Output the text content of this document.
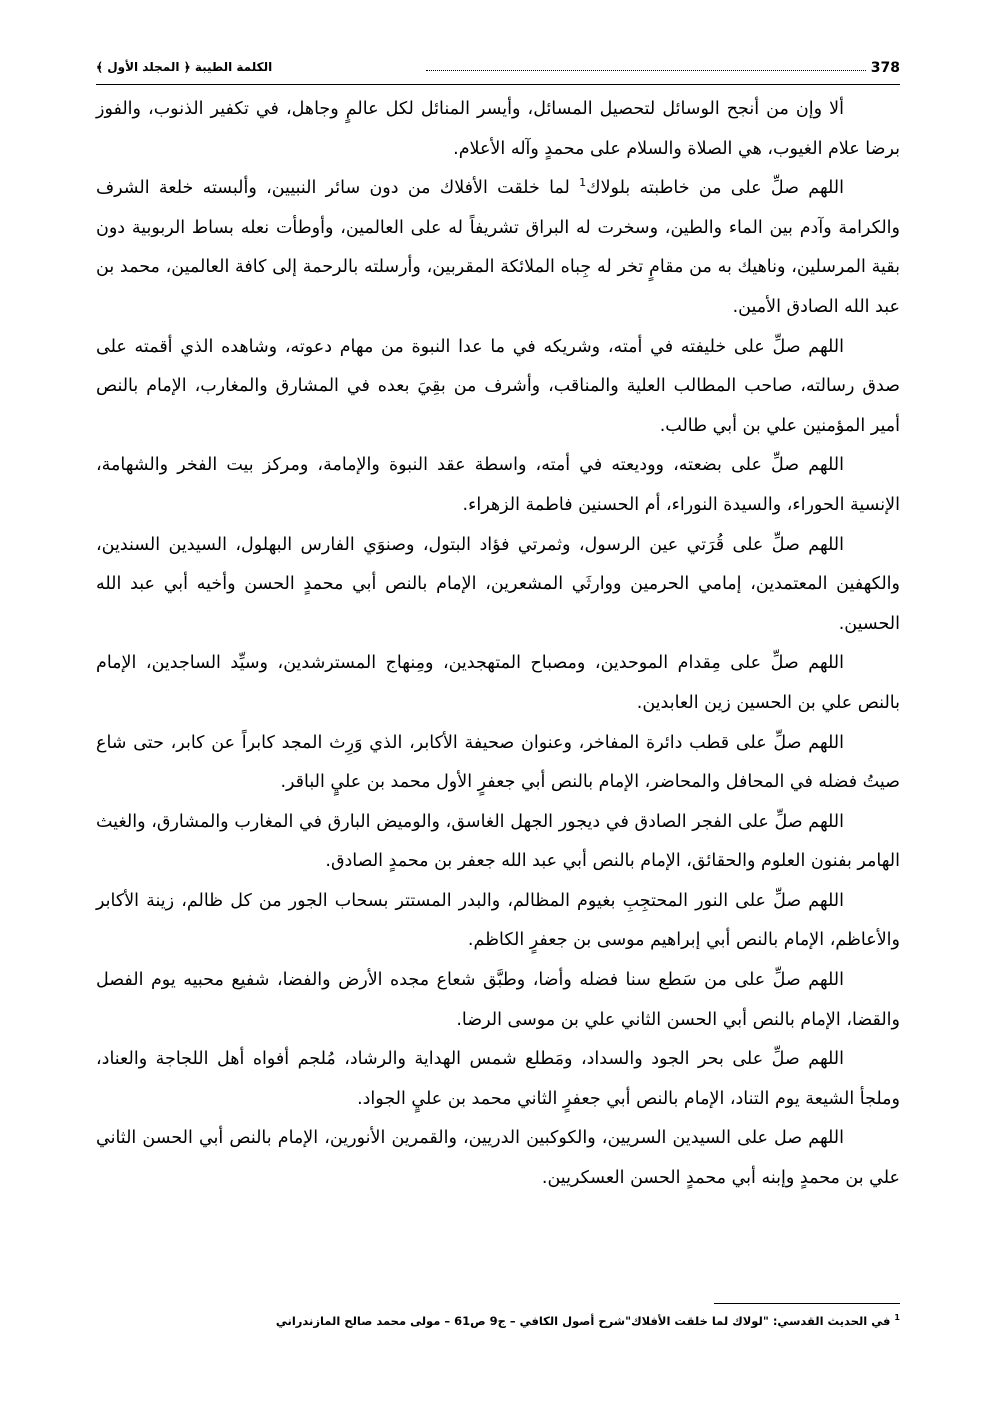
378
الكلمة الطيبة ﴿ المجلد الأول ﴾

ألا وإن من أنجح الوسائل لتحصيل المسائل، وأيسر المنائل لكل عالمٍ وجاهل، في تكفير الذنوب، والفوز برضا علام الغيوب، هي الصلاة والسلام على محمدٍ وآله الأعلام.

اللهم صلِّ على من خاطبته بلولاك$^1$ لما خلقت الأفلاك من دون سائر النبيين، وألبسته خلعة الشرف والكرامة وآدم بين الماء والطين، وسخرت له البراق تشريفاً له على العالمين، وأوطأت نعله بساط الربوبية دون بقية المرسلين، وناهيك به من مقامٍ تخر له جِباه الملائكة المقربين، وأرسلته بالرحمة إلى كافة العالمين، محمد بن عبد الله الصادق الأمين.

اللهم صلِّ على خليفته في أمته، وشريكه في ما عدا النبوة من مهام دعوته، وشاهده الذي أقمته على صدق رسالته، صاحب المطالب العلية والمناقب، وأشرف من بقِيَ بعده في المشارق والمغارب، الإمام بالنص أمير المؤمنين علي بن أبي طالب.

اللهم صلِّ على بضعته، ووديعته في أمته، واسطة عقد النبوة والإمامة، ومركز بيت الفخر والشهامة، الإنسية الحوراء، والسيدة النوراء، أم الحسنين فاطمة الزهراء.

اللهم صلِّ على قُرَتي عين الرسول، وثمرتي فؤاد البتول، وصنوَي الفارس البهلول، السيدين السندين، والكهفين المعتمدين، إمامي الحرمين ووارثَي المشعرين، الإمام بالنص أبي محمدٍ الحسن وأخيه أبي عبد الله الحسين.

اللهم صلِّ على مِقدام الموحدين، ومصباح المتهجدين، ومِنهاج المسترشدين، وسيِّد الساجدين، الإمام بالنص علي بن الحسين زين العابدين.

اللهم صلِّ على قطب دائرة المفاخر، وعنوان صحيفة الأكابر، الذي وَرِث المجد كابراً عن كابر، حتى شاع صيتُ فضله في المحافل والمحاضر، الإمام بالنص أبي جعفرٍ الأول محمد بن عليٍ الباقر.

اللهم صلِّ على الفجر الصادق في ديجور الجهل الغاسق، والوميض البارق في المغارب والمشارق، والغيث الهامر بفنون العلوم والحقائق، الإمام بالنص أبي عبد الله جعفر بن محمدٍ الصادق.

اللهم صلِّ على النور المحتجِبِ بغيوم المظالم، والبدر المستتر بسحاب الجور من كل ظالم، زينة الأكابر والأعاظم، الإمام بالنص أبي إبراهيم موسى بن جعفرٍ الكاظم.

اللهم صلِّ على من سَطع سنا فضله وأضا، وطبَّق شعاع مجده الأرض والفضا، شفيع محبيه يوم الفصل والقضا، الإمام بالنص أبي الحسن الثاني علي بن موسى الرضا.

اللهم صلِّ على بحر الجود والسداد، ومَطلع شمس الهداية والرشاد، مُلجم أفواه أهل اللجاجة والعناد، وملجأ الشيعة يوم التناد، الإمام بالنص أبي جعفرٍ الثاني محمد بن عليٍ الجواد.

اللهم صل على السيدين السريين، والكوكبين الدريين، والقمرين الأنورين، الإمام بالنص أبي الحسن الثاني علي بن محمدٍ وإبنه أبي محمدٍ الحسن العسكريين.

$^1$ في الحديث القدسي: "لولاك لما خلقت الأفلاك"شرح أصول الكافي – ج9 ص61 – مولى محمد صالح المازندراني
